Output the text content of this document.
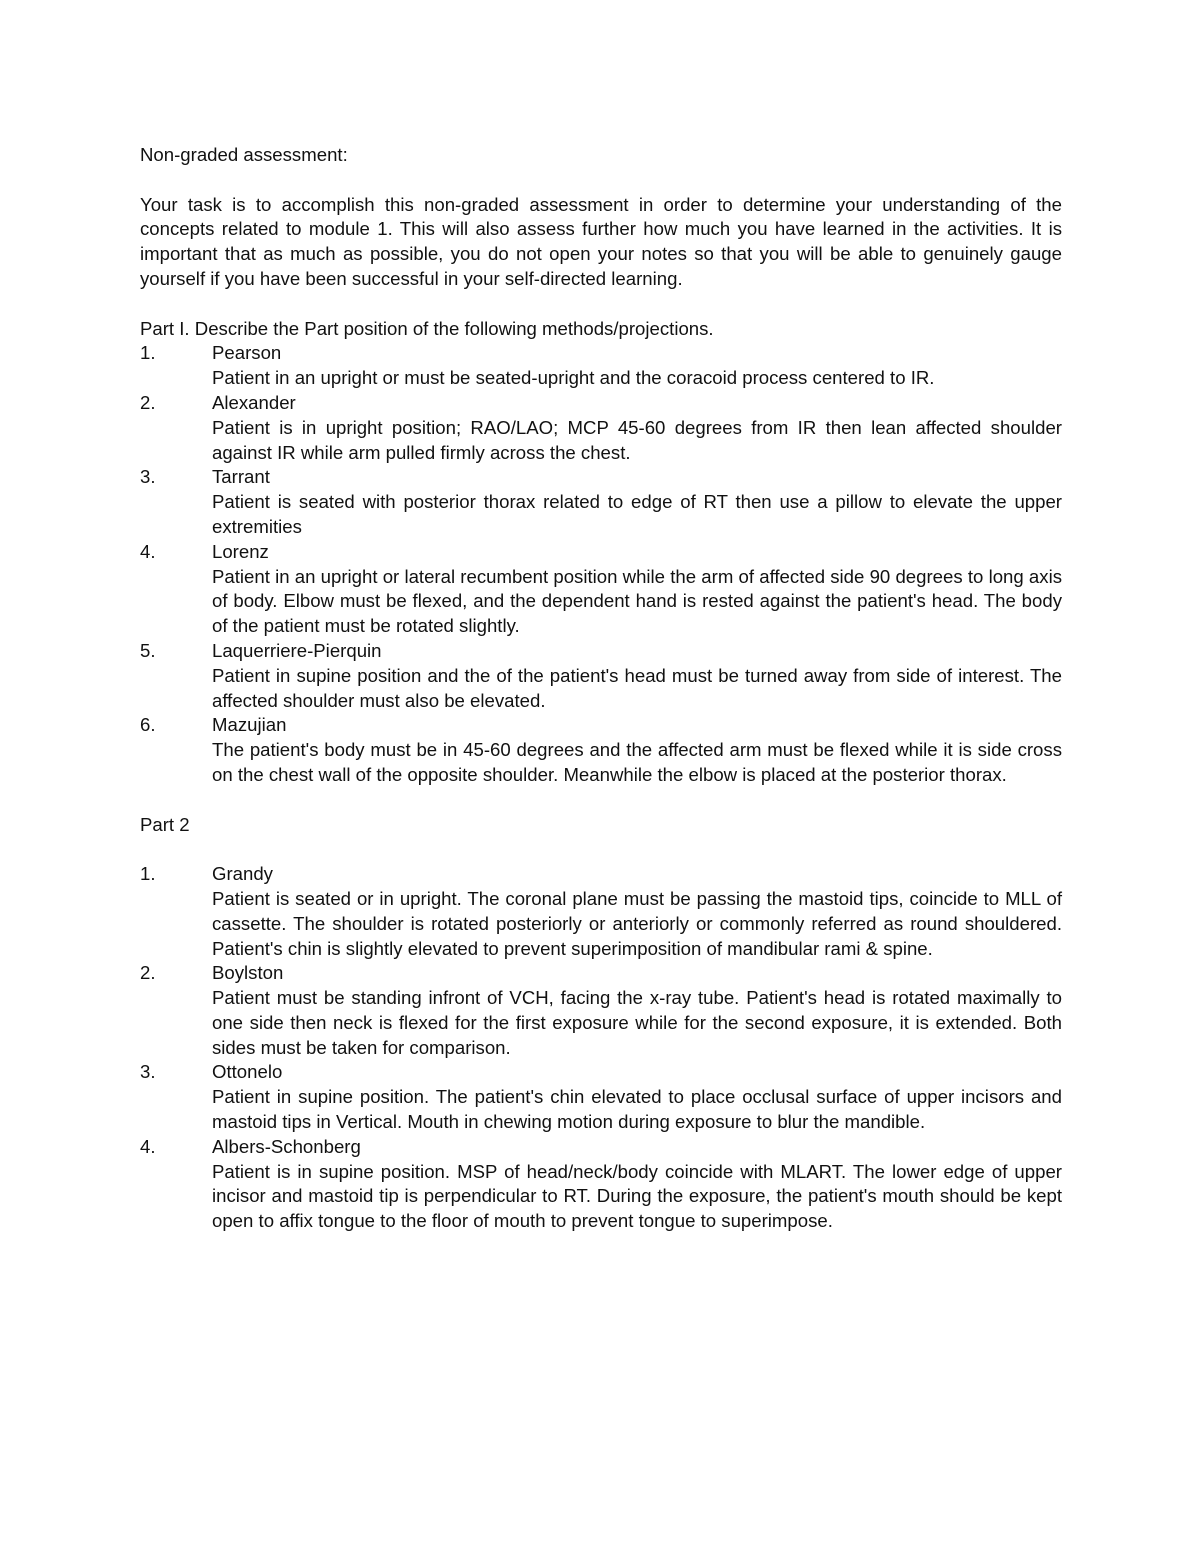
Non-graded assessment:

Your task is to accomplish this non-graded assessment in order to determine your understanding of the concepts related to module 1. This will also assess further how much you have learned in the activities. It is important that as much as possible, you do not open your notes so that you will be able to genuinely gauge yourself if you have been successful in your self-directed learning.

Part I. Describe the Part position of the following methods/projections.

1.	Pearson
Patient in an upright or must be seated-upright and the coracoid process centered to IR.
2.	Alexander
Patient is in upright position; RAO/LAO; MCP 45-60 degrees from IR then lean affected shoulder against IR while arm pulled firmly across the chest.
3.	Tarrant
Patient is seated with posterior thorax related to edge of RT then use a pillow to elevate the upper extremities
4.	Lorenz
Patient in an upright or lateral recumbent position while the arm of affected side 90 degrees to long axis of body. Elbow must be flexed, and the dependent hand is rested against the patient's head. The body of the patient must be rotated slightly.
5.	Laquerriere-Pierquin
Patient in supine position and the of the patient's head must be turned away from side of interest. The affected shoulder must also be elevated.
6.	Mazujian
The patient's body must be in 45-60 degrees and the affected arm must be flexed while it is side cross on the chest wall of the opposite shoulder. Meanwhile the elbow is placed at the posterior thorax.

Part 2

1.	Grandy
Patient is seated or in upright. The coronal plane must be passing the mastoid tips, coincide to MLL of cassette. The shoulder is rotated posteriorly or anteriorly or commonly referred as round shouldered. Patient's chin is slightly elevated to prevent superimposition of mandibular rami & spine.
2.	Boylston
Patient must be standing infront of VCH, facing the x-ray tube. Patient's head is rotated maximally to one side then neck is flexed for the first exposure while for the second exposure, it is extended. Both sides must be taken for comparison.
3.	Ottonelo
Patient in supine position. The patient's chin elevated to place occlusal surface of upper incisors and mastoid tips in Vertical. Mouth in chewing motion during exposure to blur the mandible.
4.	Albers-Schonberg
Patient is in supine position. MSP of head/neck/body coincide with MLART. The lower edge of upper incisor and mastoid tip is perpendicular to RT. During the exposure, the patient's mouth should be kept open to affix tongue to the floor of mouth to prevent tongue to superimpose.
